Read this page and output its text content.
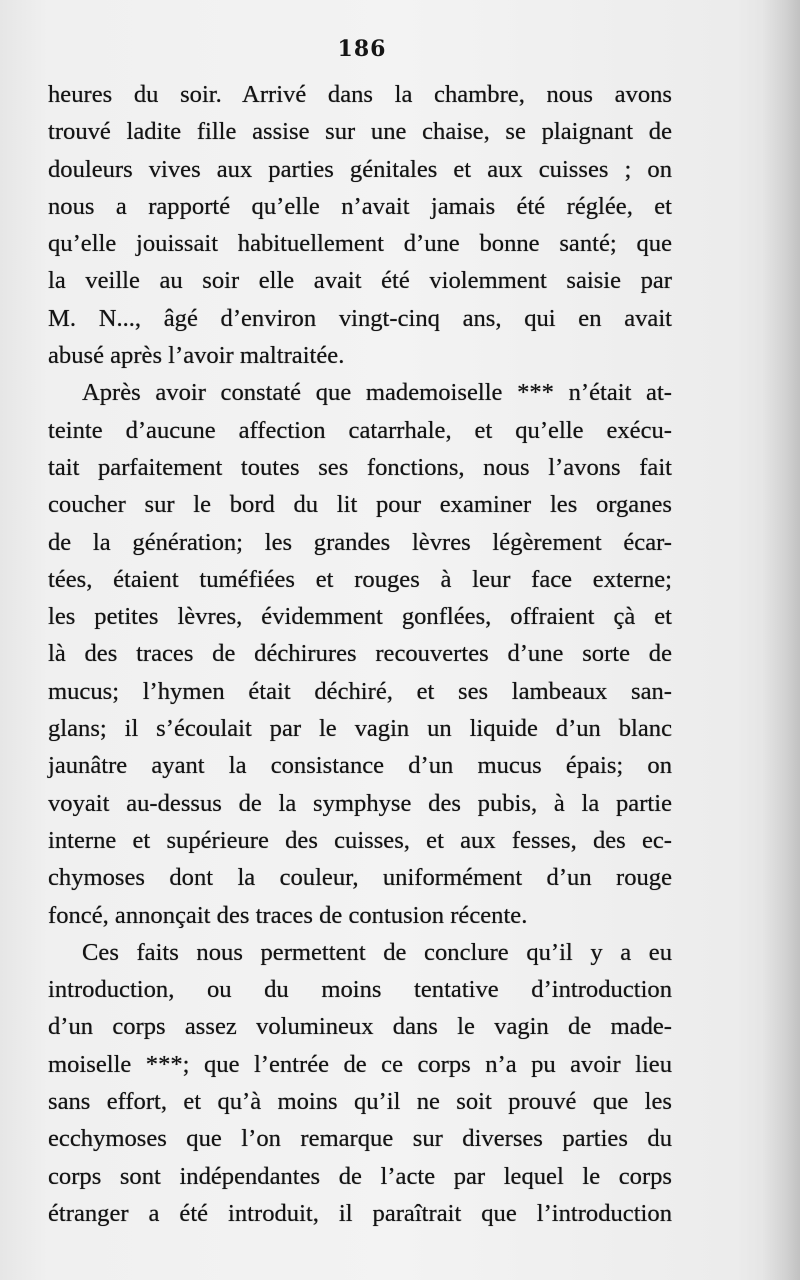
186
heures du soir. Arrivé dans la chambre, nous avons
trouvé ladite fille assise sur une chaise, se plaignant de
douleurs vives aux parties génitales et aux cuisses ; on
nous a rapporté qu’elle n’avait jamais été réglée, et
qu’elle jouissait habituellement d’une bonne santé; que
la veille au soir elle avait été violemment saisie par
M. N..., âgé d’environ vingt-cinq ans, qui en avait
abusé après l’avoir maltraitée.
Après avoir constaté que mademoiselle *** n’était at-
teinte d’aucune affection catarrhale, et qu’elle exécu-
tait parfaitement toutes ses fonctions, nous l’avons fait
coucher sur le bord du lit pour examiner les organes
de la génération; les grandes lèvres légèrement écar-
tées, étaient tuméfiées et rouges à leur face externe;
les petites lèvres, évidemment gonflées, offraient çà et
là des traces de déchirures recouvertes d’une sorte de
mucus; l’hymen était déchiré, et ses lambeaux san-
glans; il s’écoulait par le vagin un liquide d’un blanc
jaunâtre ayant la consistance d’un mucus épais; on
voyait au-dessus de la symphyse des pubis, à la partie
interne et supérieure des cuisses, et aux fesses, des ec-
chymoses dont la couleur, uniformément d’un rouge
foncé, annonçait des traces de contusion récente.
Ces faits nous permettent de conclure qu’il y a eu
introduction, ou du moins tentative d’introduction
d’un corps assez volumineux dans le vagin de made-
moiselle ***; que l’entrée de ce corps n’a pu avoir lieu
sans effort, et qu’à moins qu’il ne soit prouvé que les
ecchymoses que l’on remarque sur diverses parties du
corps sont indépendantes de l’acte par lequel le corps
étranger a été introduit, il paraîtrait que l’introduction
